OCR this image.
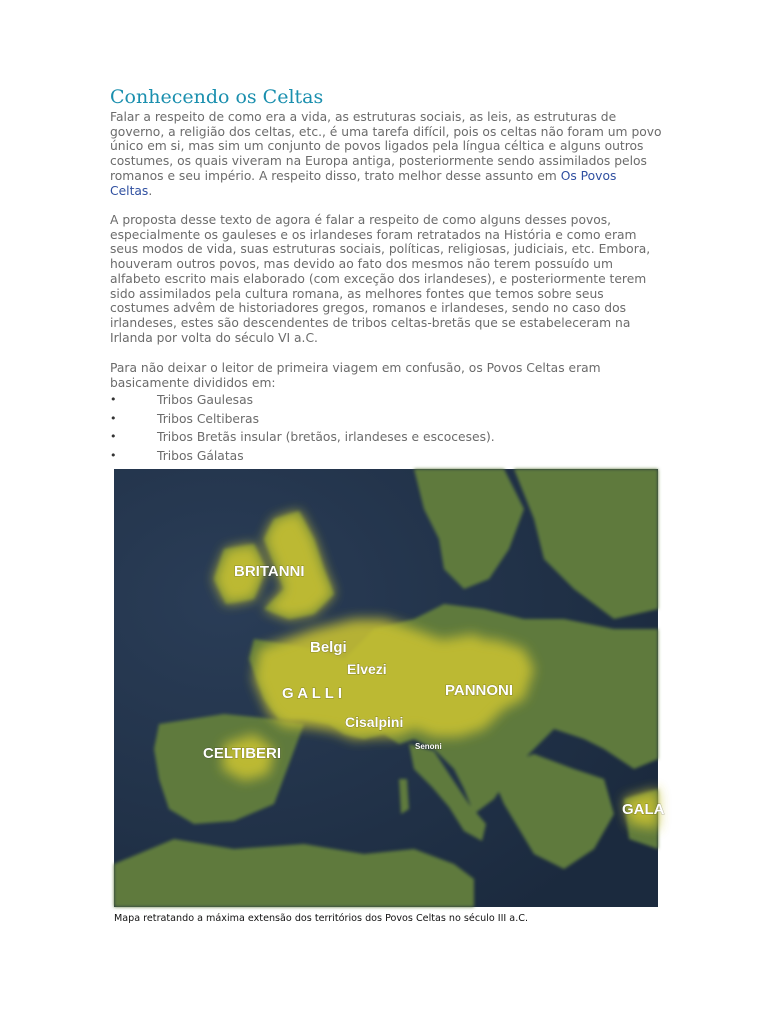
Conhecendo os Celtas

Falar a respeito de como era a vida, as estruturas sociais, as leis, as estruturas de governo, a religião dos celtas, etc., é uma tarefa difícil, pois os celtas não foram um povo único em si, mas sim um conjunto de povos ligados pela língua céltica e alguns outros costumes, os quais viveram na Europa antiga, posteriormente sendo assimilados pelos romanos e seu império. A respeito disso, trato melhor desse assunto em Os Povos Celtas.

A proposta desse texto de agora é falar a respeito de como alguns desses povos, especialmente os gauleses e os irlandeses foram retratados na História e como eram seus modos de vida, suas estruturas sociais, políticas, religiosas, judiciais, etc. Embora, houveram outros povos, mas devido ao fato dos mesmos não terem possuído um alfabeto escrito mais elaborado (com exceção dos irlandeses), e posteriormente terem sido assimilados pela cultura romana, as melhores fontes que temos sobre seus costumes advêm de historiadores gregos, romanos e irlandeses, sendo no caso dos irlandeses, estes são descendentes de tribos celtas-bretãs que se estabeleceram na Irlanda por volta do século VI a.C.

Para não deixar o leitor de primeira viagem em confusão, os Povos Celtas eram basicamente divididos em:

•	Tribos Gaulesas
•	Tribos Celtiberas
•	Tribos Bretãs insular (bretãos, irlandeses e escoceses).
•	Tribos Gálatas
BRITANNI
Belgi
Elvezi
G A L L I	PANNONI
Cisalpini
CELTIBERI	Senoni
GALA

Mapa retratando a máxima extensão dos territórios dos Povos Celtas no século III a.C.
